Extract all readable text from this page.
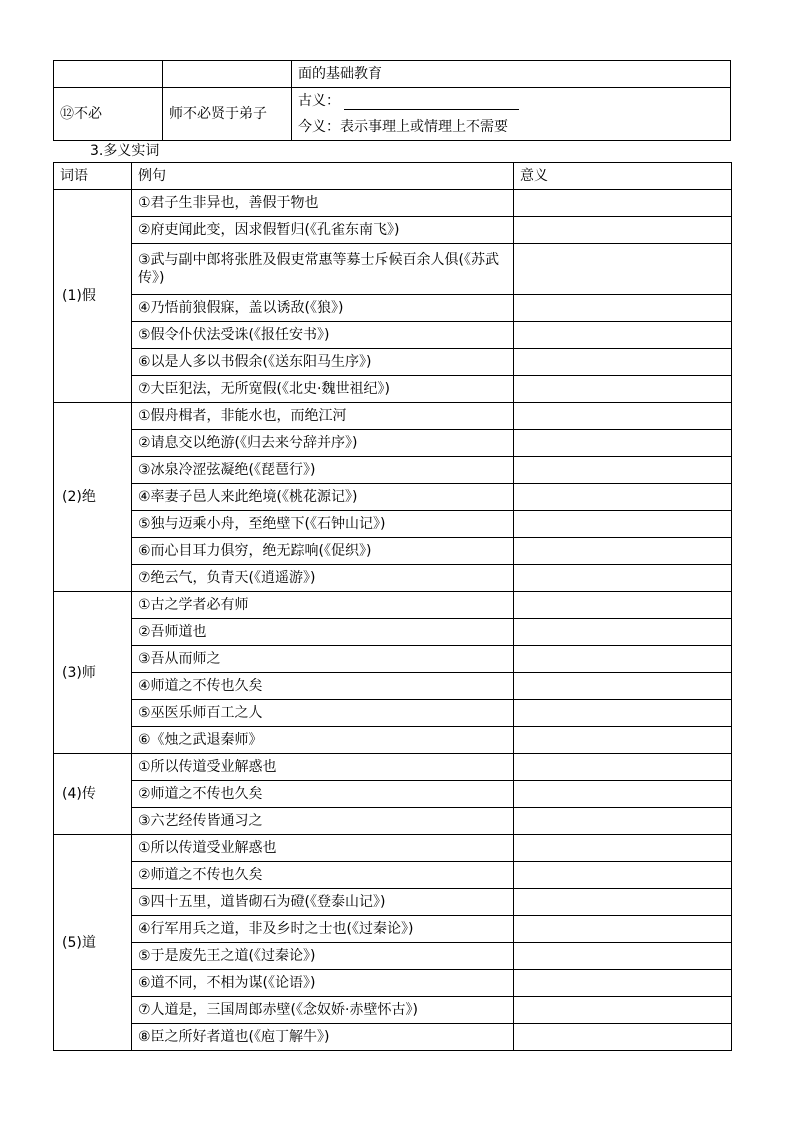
		面的基础教育
⑫不必	师不必贤于弟子	古义：
今义：表示事理上或情理上不需要
3.多义实词
词语	例句	意义
(1)假	①君子生非异也，善假于物也	
	②府吏闻此变，因求假暂归(《孔雀东南飞》)	
	③武与副中郎将张胜及假吏常惠等募士斥候百余人俱(《苏武传》)	
	④乃悟前狼假寐，盖以诱敌(《狼》)	
	⑤假令仆伏法受诛(《报任安书》)	
	⑥以是人多以书假余(《送东阳马生序》)	
	⑦大臣犯法，无所宽假(《北史·魏世祖纪》)	
(2)绝	①假舟楫者，非能水也，而绝江河	
	②请息交以绝游(《归去来兮辞并序》)	
	③冰泉冷涩弦凝绝(《琵琶行》)	
	④率妻子邑人来此绝境(《桃花源记》)	
	⑤独与迈乘小舟，至绝壁下(《石钟山记》)	
	⑥而心目耳力俱穷，绝无踪响(《促织》)	
	⑦绝云气，负青天(《逍遥游》)	
(3)师	①古之学者必有师	
	②吾师道也	
	③吾从而师之	
	④师道之不传也久矣	
	⑤巫医乐师百工之人	
	⑥《烛之武退秦师》	
(4)传	①所以传道受业解惑也	
	②师道之不传也久矣	
	③六艺经传皆通习之	
(5)道	①所以传道受业解惑也	
	②师道之不传也久矣	
	③四十五里，道皆砌石为磴(《登泰山记》)	
	④行军用兵之道，非及乡时之士也(《过秦论》)	
	⑤于是废先王之道(《过秦论》)	
	⑥道不同，不相为谋(《论语》)	
	⑦人道是，三国周郎赤壁(《念奴娇·赤壁怀古》)	
	⑧臣之所好者道也(《庖丁解牛》)	
